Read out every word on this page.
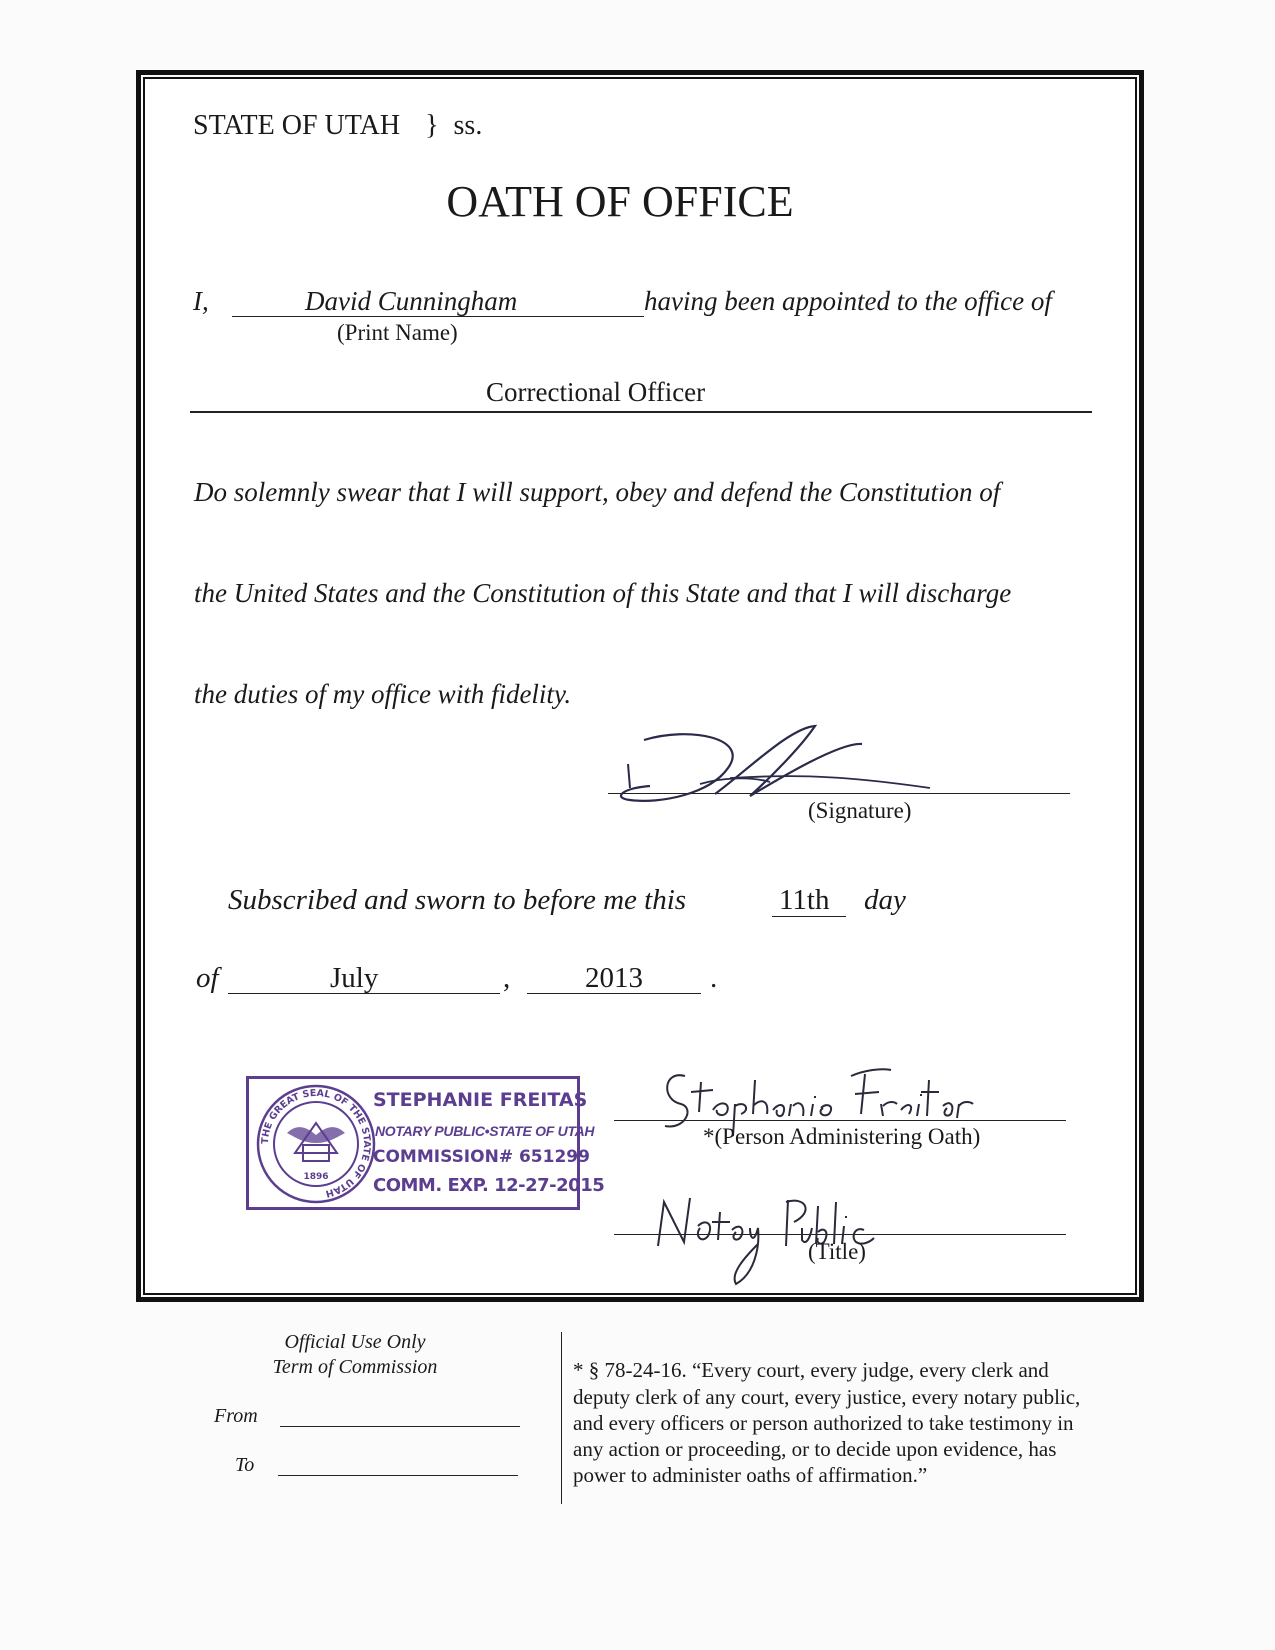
STATE OF UTAH } ss.
OATH OF OFFICE
I,	David Cunningham	having been appointed to the office of
(Print Name)
Correctional Officer
Do solemnly swear that I will support, obey and defend the Constitution of
the United States and the Constitution of this State and that I will discharge
the duties of my office with fidelity.
(Signature)
Subscribed and sworn to before me this	11th day
of	July	,	2013 .
THE GREAT SEAL OF THE STATE OF UTAH
1896
STEPHANIE FREITAS
NOTARY PUBLIC•STATE OF UTAH
COMMISSION# 651299
COMM. EXP. 12-27-2015
*(Person Administering Oath)
(Title)
Official Use Only
Term of Commission
From
To
* § 78-24-16. “Every court, every judge, every clerk and
deputy clerk of any court, every justice, every notary public,
and every officers or person authorized to take testimony in
any action or proceeding, or to decide upon evidence, has
power to administer oaths of affirmation.”
